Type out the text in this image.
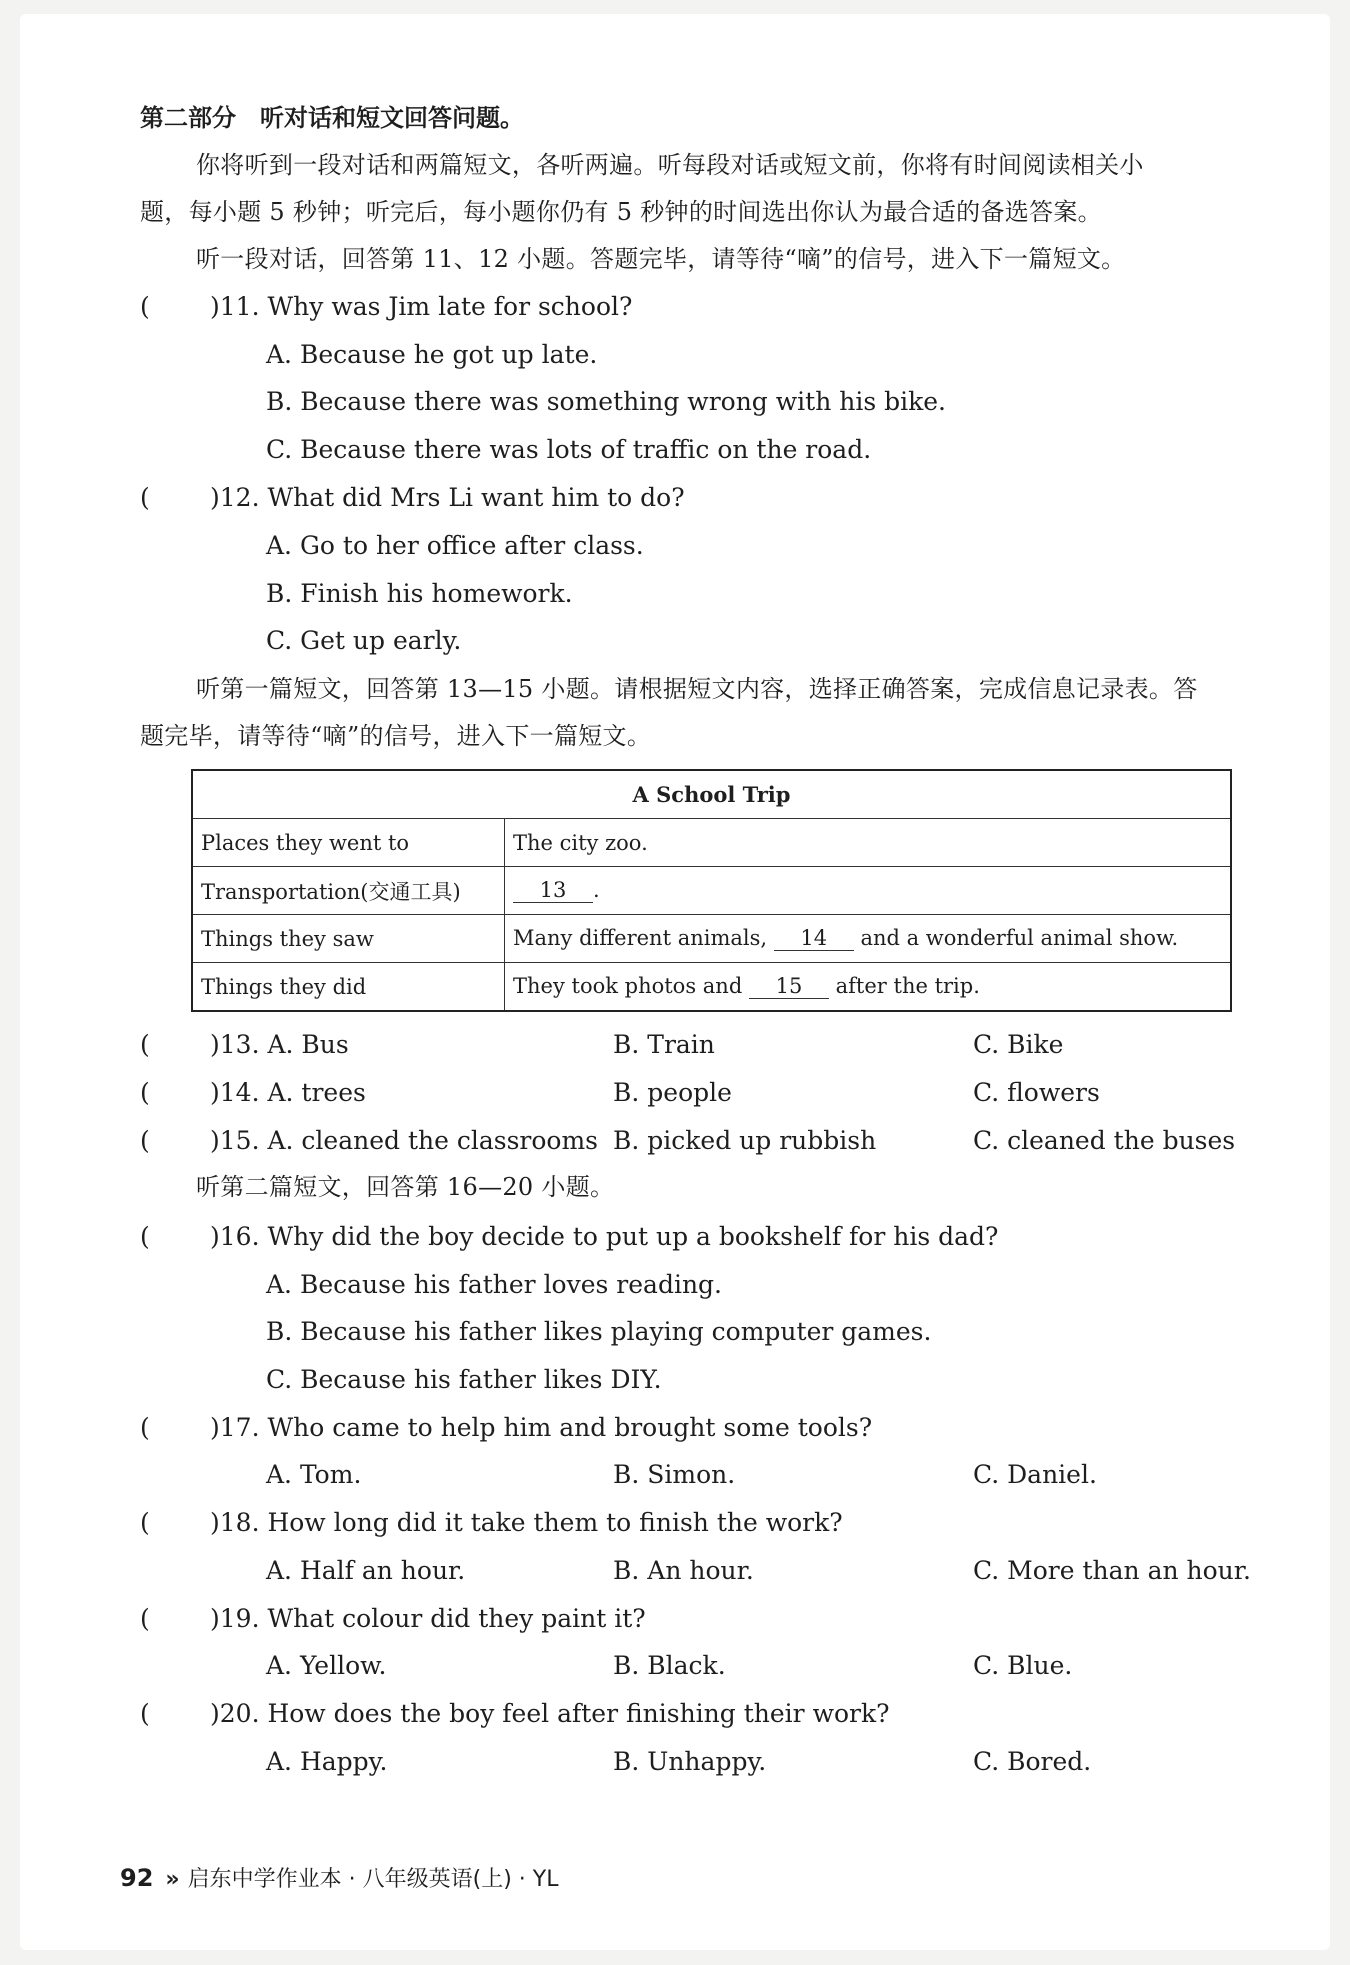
第二部分　听对话和短文回答问题。
你将听到一段对话和两篇短文，各听两遍。听每段对话或短文前，你将有时间阅读相关小
题，每小题 5 秒钟；听完后，每小题你仍有 5 秒钟的时间选出你认为最合适的备选答案。
听一段对话，回答第 11、12 小题。答题完毕，请等待“嘀”的信号，进入下一篇短文。
( )11. Why was Jim late for school?
A. Because he got up late.
B. Because there was something wrong with his bike.
C. Because there was lots of traffic on the road.
( )12. What did Mrs Li want him to do?
A. Go to her office after class.
B. Finish his homework.
C. Get up early.
听第一篇短文，回答第 13—15 小题。请根据短文内容，选择正确答案，完成信息记录表。答
题完毕，请等待“嘀”的信号，进入下一篇短文。
A School Trip	
Places they went to	The city zoo.
Transportation(交通工具)	13 .
Things they saw	Many different animals, 14 and a wonderful animal show.
Things they did	They took photos and 15 after the trip.
( )13. A. Bus	B. Train	C. Bike
( )14. A. trees	B. people	C. flowers
( )15. A. cleaned the classrooms B. picked up rubbish	C. cleaned the buses
听第二篇短文，回答第 16—20 小题。
( )16. Why did the boy decide to put up a bookshelf for his dad?
A. Because his father loves reading.
B. Because his father likes playing computer games.
C. Because his father likes DIY.
( )17. Who came to help him and brought some tools?
A. Tom.	B. Simon.	C. Daniel.
( )18. How long did it take them to finish the work?
A. Half an hour.	B. An hour.	C. More than an hour.
( )19. What colour did they paint it?
A. Yellow.	B. Black.	C. Blue.
( )20. How does the boy feel after finishing their work?
A. Happy.	B. Unhappy.	C. Bored.
92 » 启东中学作业本 · 八年级英语(上) · YL
